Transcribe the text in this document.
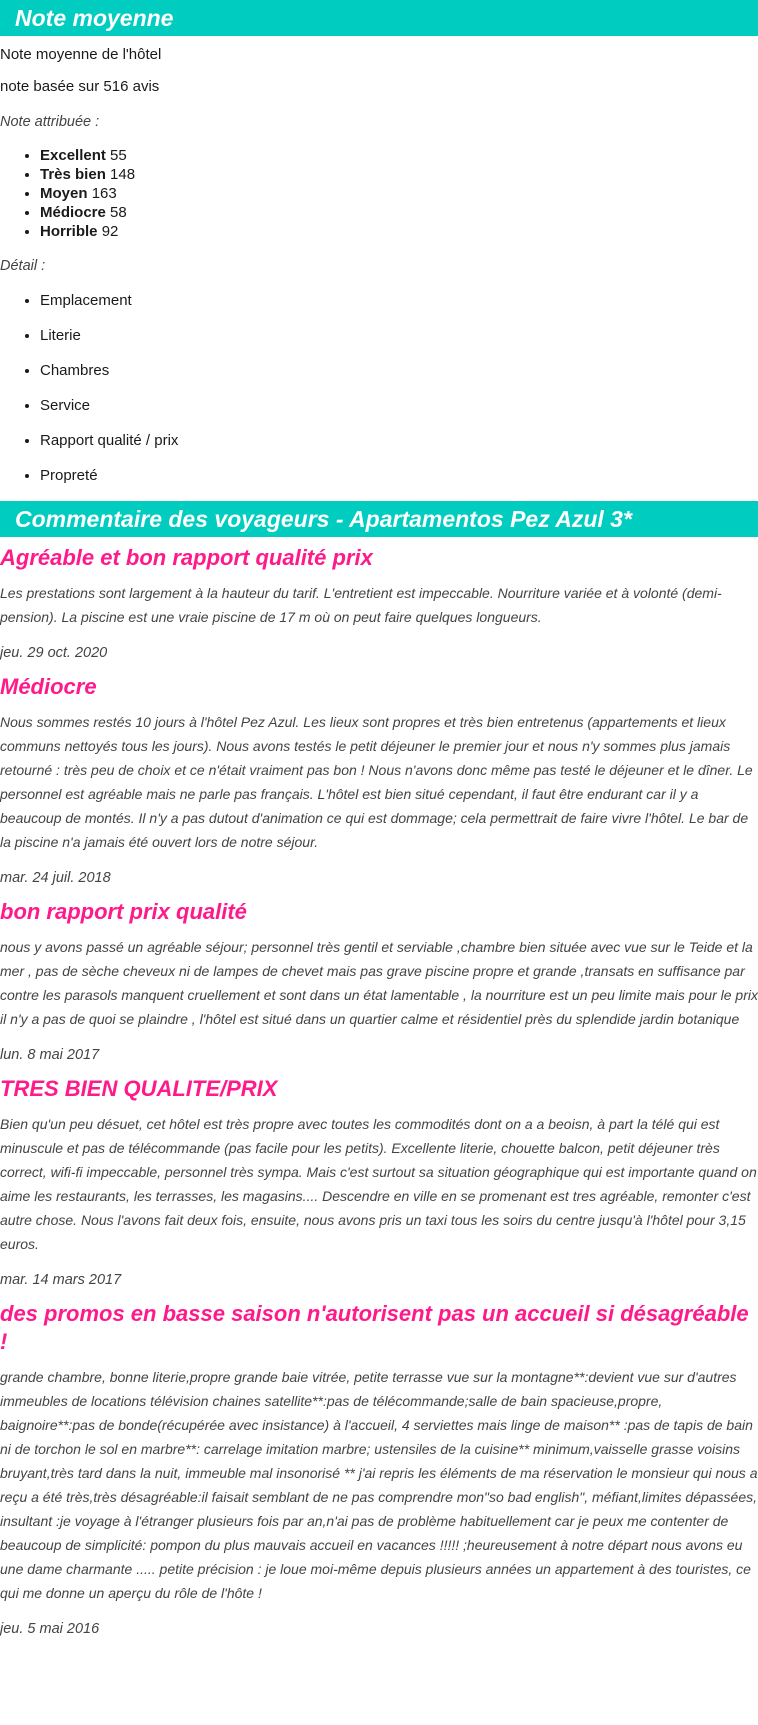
Note moyenne

Note moyenne de l'hôtel

note basée sur 516 avis

Note attribuée :

• Excellent 55
• Très bien 148
• Moyen 163
• Médiocre 58
• Horrible 92

Détail :

• Emplacement
• Literie
• Chambres
• Service
• Rapport qualité / prix
• Propreté
Commentaire des voyageurs - Apartamentos Pez Azul 3*
Agréable et bon rapport qualité prix

Les prestations sont largement à la hauteur du tarif. L'entretient est impeccable. Nourriture variée et à volonté (demi-pension). La piscine est une vraie piscine de 17 m où on peut faire quelques longueurs.

jeu. 29 oct. 2020

Médiocre

Nous sommes restés 10 jours à l'hôtel Pez Azul. Les lieux sont propres et très bien entretenus (appartements et lieux communs nettoyés tous les jours). Nous avons testés le petit déjeuner le premier jour et nous n'y sommes plus jamais retourné : très peu de choix et ce n'était vraiment pas bon ! Nous n'avons donc même pas testé le déjeuner et le dîner. Le personnel est agréable mais ne parle pas français. L'hôtel est bien situé cependant, il faut être endurant car il y a beaucoup de montés. Il n'y a pas dutout d'animation ce qui est dommage; cela permettrait de faire vivre l'hôtel. Le bar de la piscine n'a jamais été ouvert lors de notre séjour.

mar. 24 juil. 2018

bon rapport prix qualité

nous y avons passé un agréable séjour; personnel très gentil et serviable ,chambre bien située avec vue sur le Teide et la mer , pas de sèche cheveux ni de lampes de chevet mais pas grave piscine propre et grande ,transats en suffisance par contre les parasols manquent cruellement et sont dans un état lamentable , la nourriture est un peu limite mais pour le prix il n'y a pas de quoi se plaindre , l'hôtel est situé dans un quartier calme et résidentiel près du splendide jardin botanique

lun. 8 mai 2017

TRES BIEN QUALITE/PRIX

Bien qu'un peu désuet, cet hôtel est très propre avec toutes les commodités dont on a a beoisn, à part la télé qui est minuscule et pas de télécommande (pas facile pour les petits). Excellente literie, chouette balcon, petit déjeuner très correct, wifi-fi impeccable, personnel très sympa. Mais c'est surtout sa situation géographique qui est importante quand on aime les restaurants, les terrasses, les magasins.... Descendre en ville en se promenant est tres agréable, remonter c'est autre chose. Nous l'avons fait deux fois, ensuite, nous avons pris un taxi tous les soirs du centre jusqu'à l'hôtel pour 3,15 euros.

mar. 14 mars 2017

des promos en basse saison n'autorisent pas un accueil si désagréable !

grande chambre, bonne literie,propre grande baie vitrée, petite terrasse vue sur la montagne**:devient vue sur d'autres immeubles de locations télévision chaines satellite**:pas de télécommande;salle de bain spacieuse,propre, baignoire**:pas de bonde(récupérée avec insistance) à l'accueil, 4 serviettes mais linge de maison** :pas de tapis de bain ni de torchon le sol en marbre**: carrelage imitation marbre; ustensiles de la cuisine** minimum,vaisselle grasse voisins bruyant,très tard dans la nuit, immeuble mal insonorisé ** j'ai repris les éléments de ma réservation le monsieur qui nous a reçu a été très,très désagréable:il faisait semblant de ne pas comprendre mon"so bad english", méfiant,limites dépassées, insultant :je voyage à l'étranger plusieurs fois par an,n'ai pas de problème habituellement car je peux me contenter de beaucoup de simplicité: pompon du plus mauvais accueil en vacances !!!!! ;heureusement à notre départ nous avons eu une dame charmante ..... petite précision : je loue moi-même depuis plusieurs années un appartement à des touristes, ce qui me donne un aperçu du rôle de l'hôte !

jeu. 5 mai 2016
